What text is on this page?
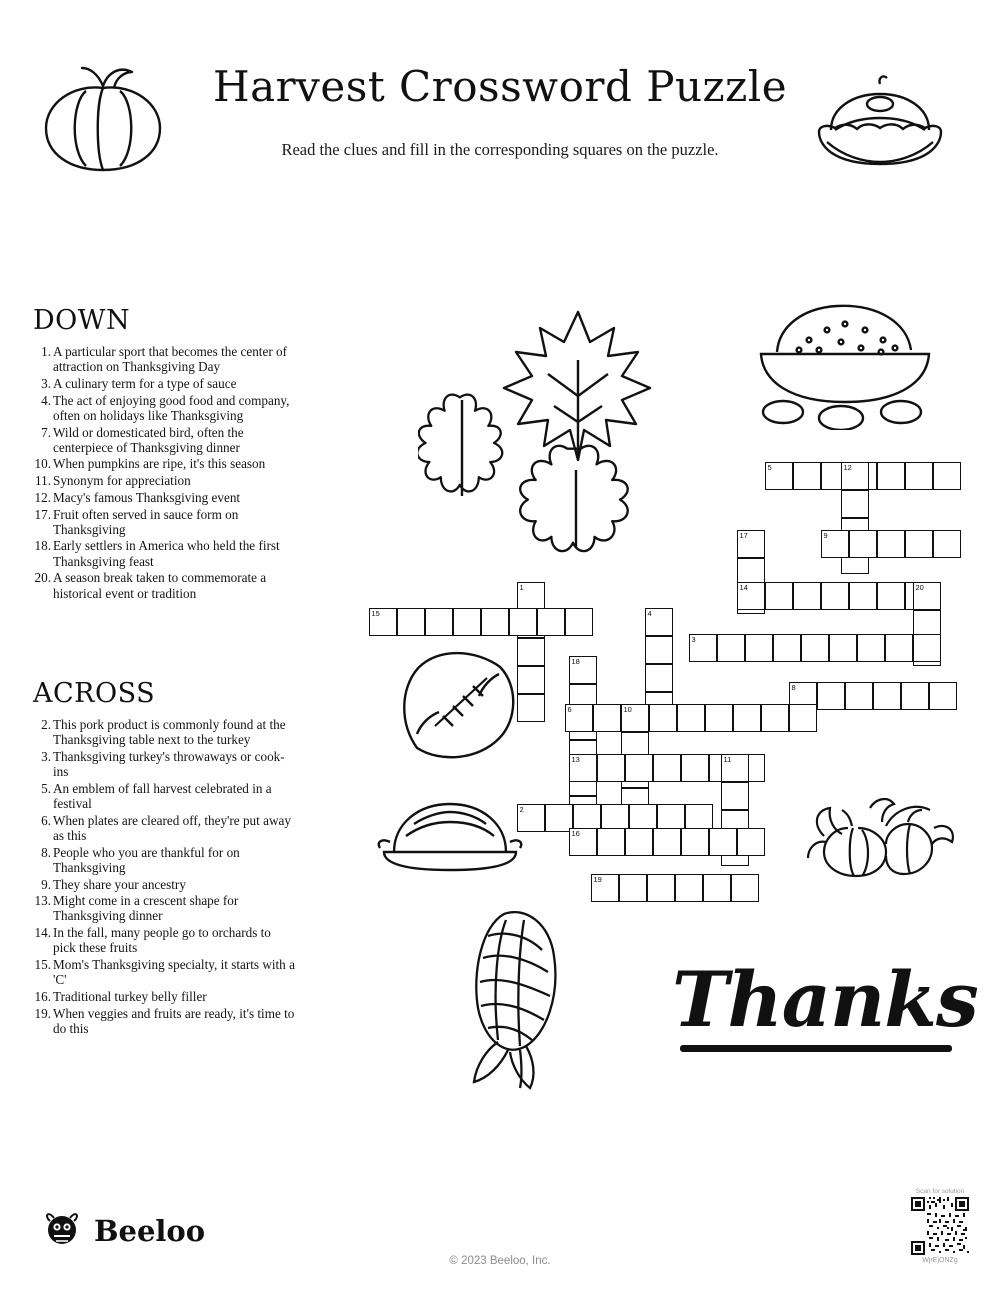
Harvest Crossword Puzzle
Read the clues and fill in the corresponding squares on the puzzle.
DOWN
1. A particular sport that becomes the center of attraction on Thanksgiving Day
3. A culinary term for a type of sauce
4. The act of enjoying good food and company, often on holidays like Thanksgiving
7. Wild or domesticated bird, often the centerpiece of Thanksgiving dinner
10. When pumpkins are ripe, it's this season
11. Synonym for appreciation
12. Macy's famous Thanksgiving event
17. Fruit often served in sauce form on Thanksgiving
18. Early settlers in America who held the first Thanksgiving feast
20. A season break taken to commemorate a historical event or tradition
ACROSS
2. This pork product is commonly found at the Thanksgiving table next to the turkey
3. Thanksgiving turkey's throwaways or cook-ins
5. An emblem of fall harvest celebrated in a festival
6. When plates are cleared off, they're put away as this
8. People who you are thankful for on Thanksgiving
9. They share your ancestry
13. Might come in a crescent shape for Thanksgiving dinner
14. In the fall, many people go to orchards to pick these fruits
15. Mom's Thanksgiving specialty, it starts with a 'C'
16. Traditional turkey belly filler
19. When veggies and fruits are ready, it's time to do this	Thanks
5	12
17	9
1	14	20
15	4
3
18
8
6	10
13	11
2
16
19
Beeloo
© 2023 Beeloo, Inc.
Scan for solution
WjrEjONZg
